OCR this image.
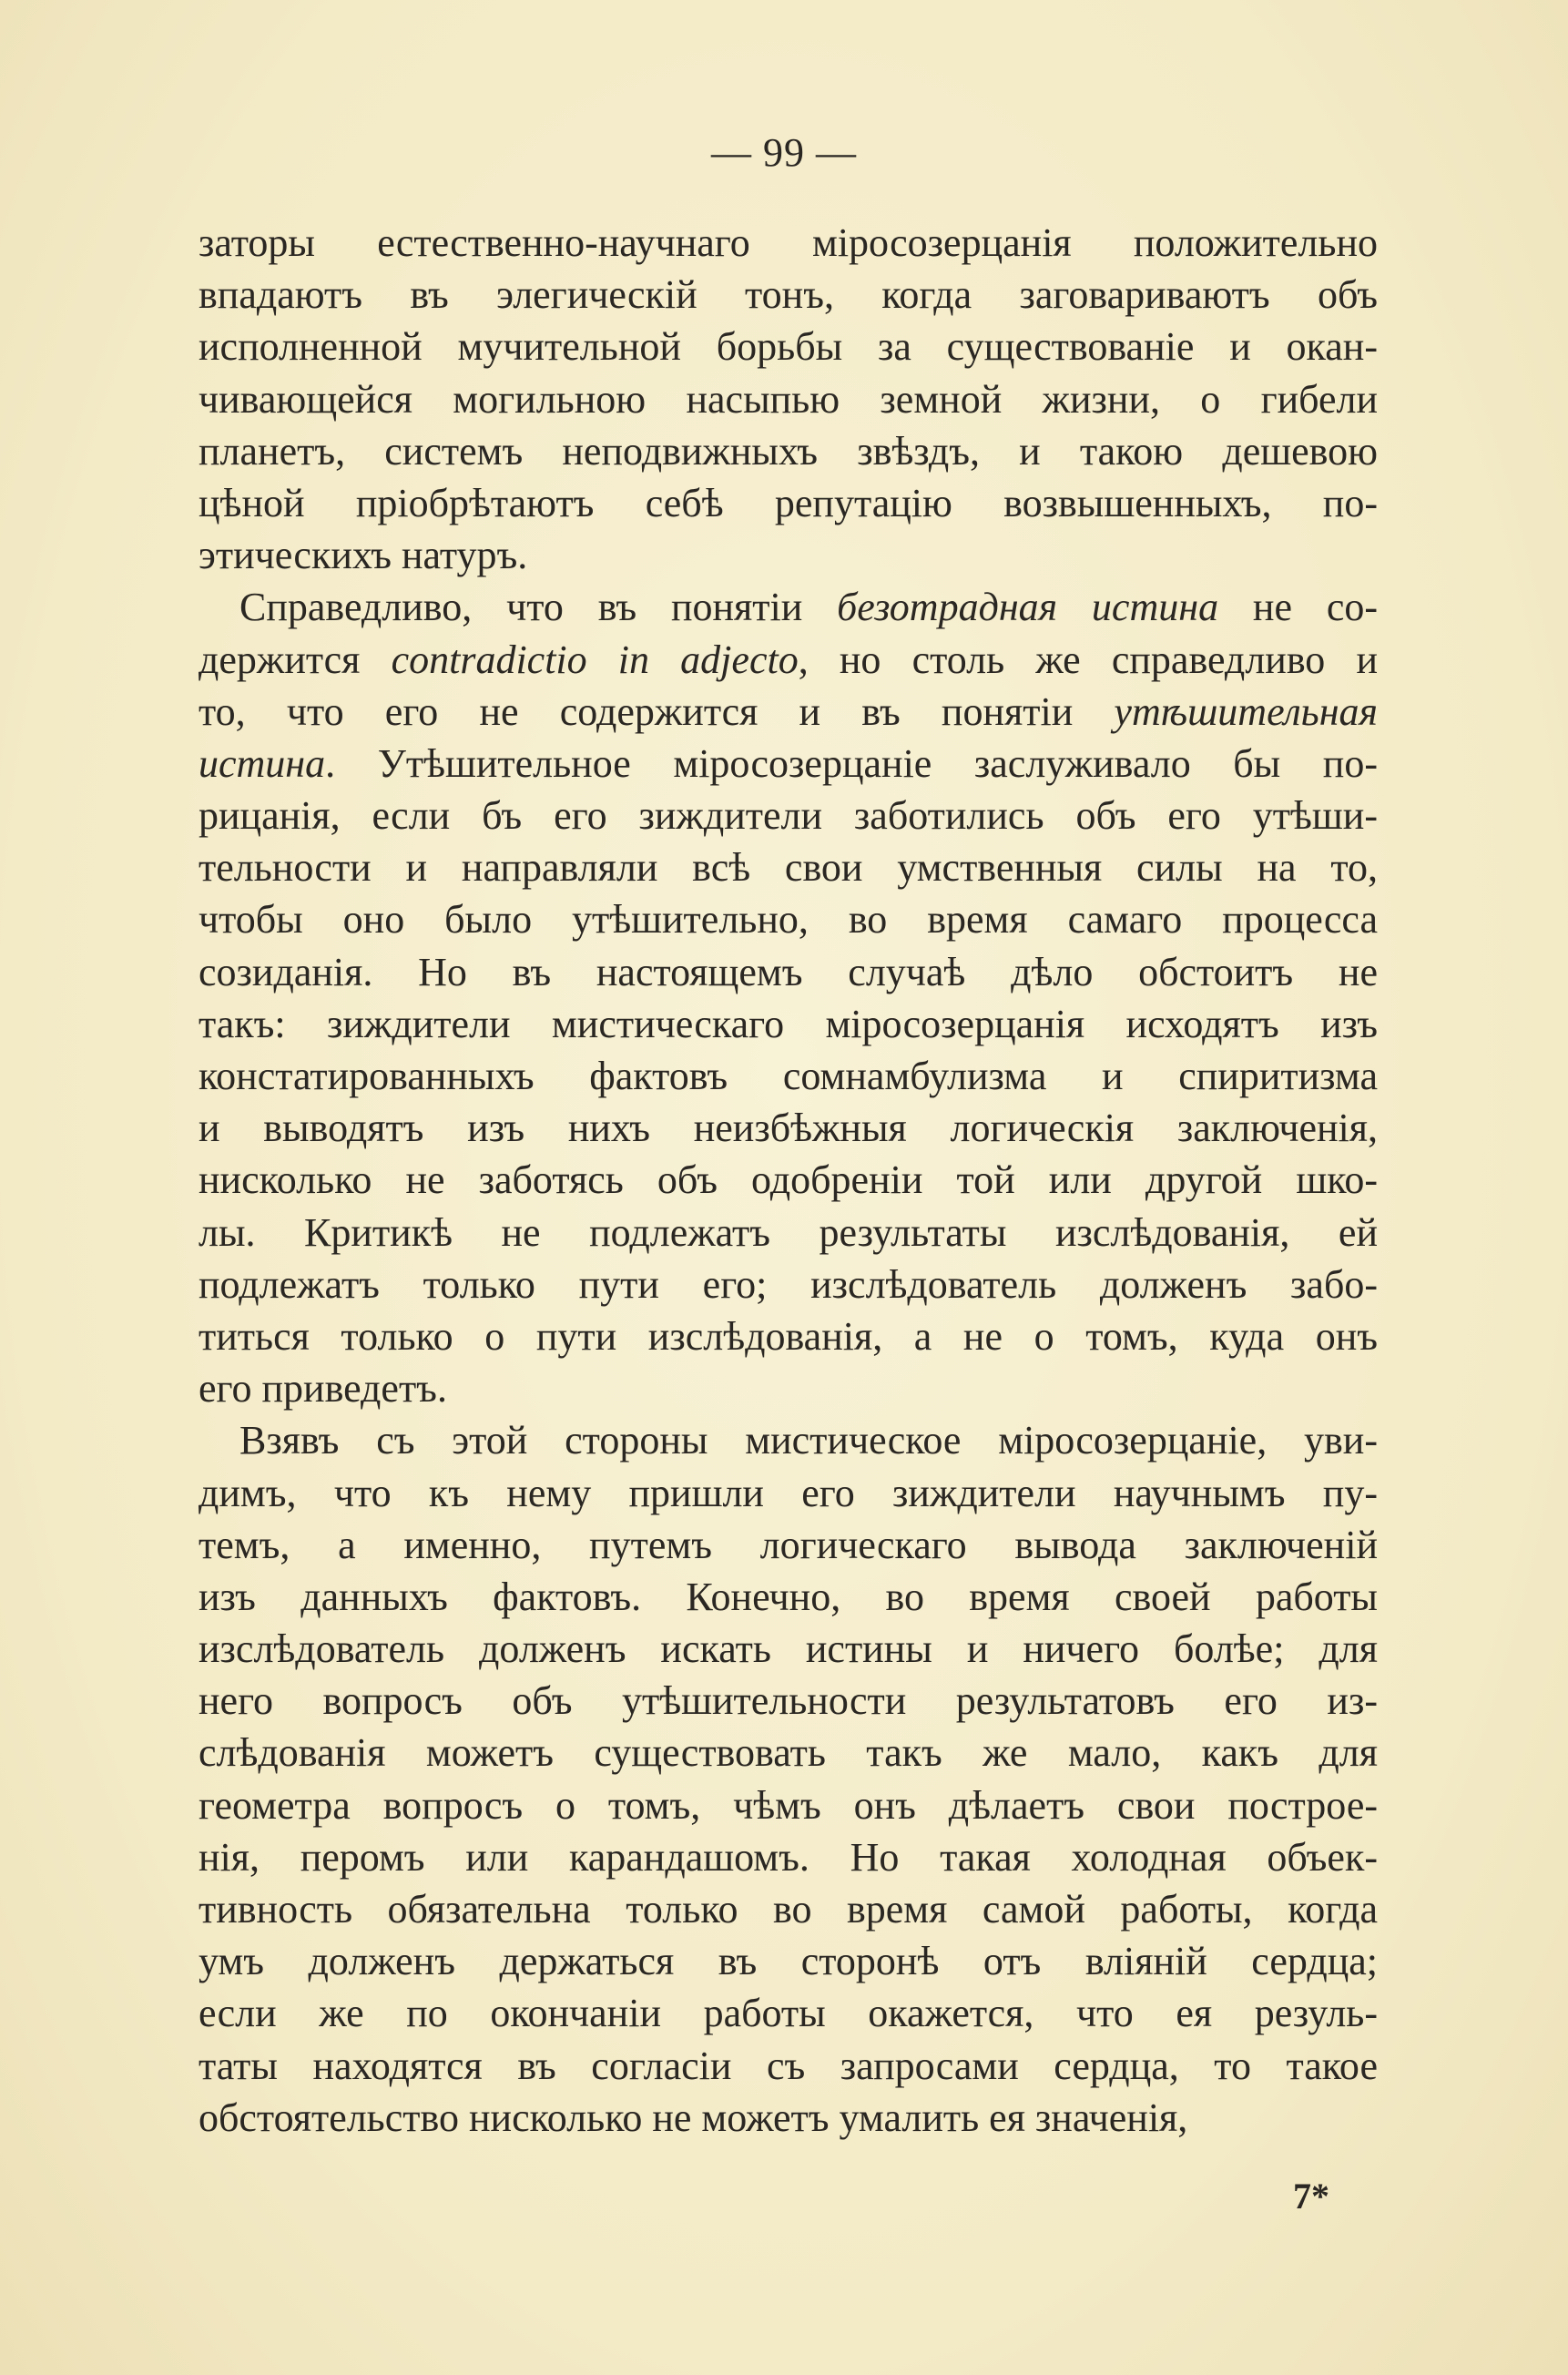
— 99 —
заторы естественно-научнаго міросозерцанія положительно
впадаютъ въ элегическій тонъ, когда заговариваютъ объ
исполненной мучительной борьбы за существованіе и окан-
чивающейся могильною насыпью земной жизни, о гибели
планетъ, системъ неподвижныхъ звѣздъ, и такою дешевою
цѣной пріобрѣтаютъ себѣ репутацію возвышенныхъ, по-
этическихъ натуръ.
Справедливо, что въ понятіи безотрадная истина не со-
держится contradictio in adjecto, но столь же справедливо и
то, что его не содержится и въ понятіи утѣшительная
истина. Утѣшительное міросозерцаніе заслуживало бы по-
рицанія, если бъ его зиждители заботились объ его утѣши-
тельности и направляли всѣ свои умственныя силы на то,
чтобы оно было утѣшительно, во время самаго процесса
созиданія. Но въ настоящемъ случаѣ дѣло обстоитъ не
такъ: зиждители мистическаго міросозерцанія исходятъ изъ
констатированныхъ фактовъ сомнамбулизма и спиритизма
и выводятъ изъ нихъ неизбѣжныя логическія заключенія,
нисколько не заботясь объ одобреніи той или другой шко-
лы. Критикѣ не подлежатъ результаты изслѣдованія, ей
подлежатъ только пути его; изслѣдователь долженъ забо-
титься только о пути изслѣдованія, а не о томъ, куда онъ
его приведетъ.
Взявъ съ этой стороны мистическое міросозерцаніе, уви-
димъ, что къ нему пришли его зиждители научнымъ пу-
темъ, а именно, путемъ логическаго вывода заключеній
изъ данныхъ фактовъ. Конечно, во время своей работы
изслѣдователь долженъ искать истины и ничего болѣе; для
него вопросъ объ утѣшительности результатовъ его из-
слѣдованія можетъ существовать такъ же мало, какъ для
геометра вопросъ о томъ, чѣмъ онъ дѣлаетъ свои построе-
нія, перомъ или карандашомъ. Но такая холодная объек-
тивность обязательна только во время самой работы, когда
умъ долженъ держаться въ сторонѣ отъ вліяній сердца;
если же по окончаніи работы окажется, что ея резуль-
таты находятся въ согласіи съ запросами сердца, то такое
обстоятельство нисколько не можетъ умалить ея значенія,
7*
